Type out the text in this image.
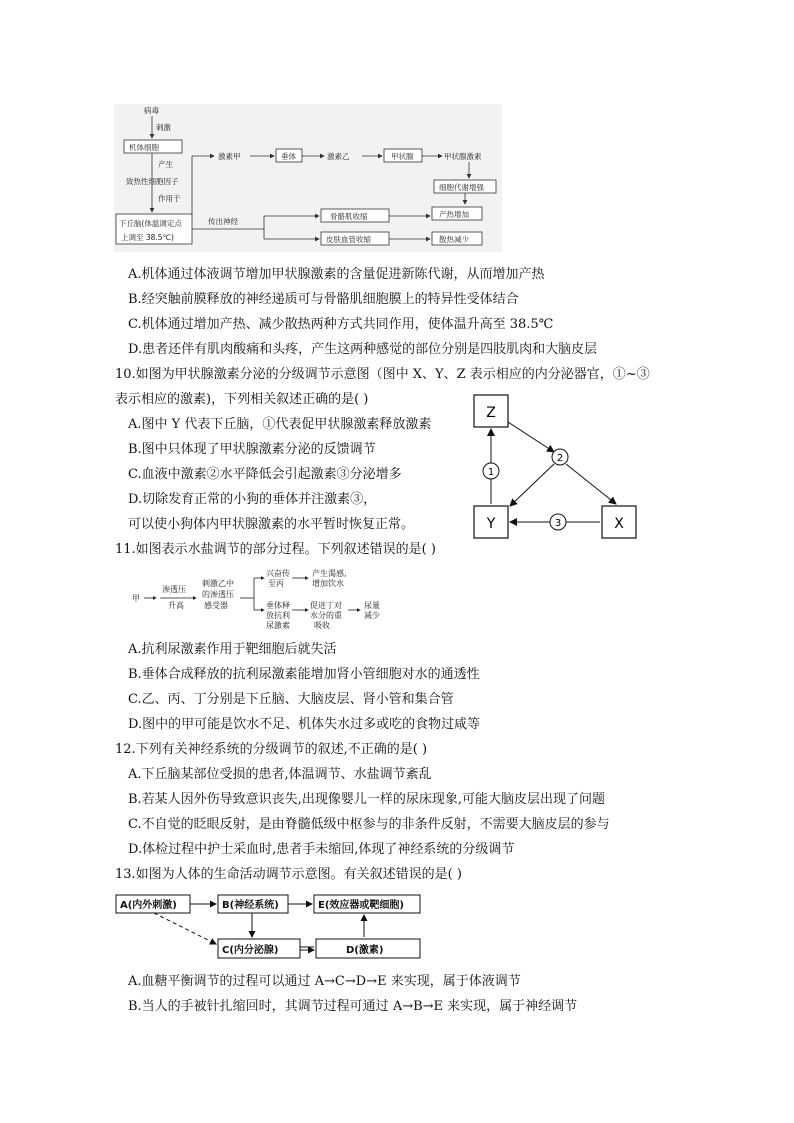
病毒
刺激
机体细胞
产生
致热性细胞因子
作用于
下丘脑(体温调定点
上调至 38.5℃)
激素甲	垂体	激素乙	甲状腺	甲状腺激素
细胞代谢增强
传出神经
骨骼肌收缩
皮肤血管收缩
产热增加
散热减少
A.机体通过体液调节增加甲状腺激素的含量促进新陈代谢，从而增加产热
B.经突触前膜释放的神经递质可与骨骼肌细胞膜上的特异性受体结合
C.机体通过增加产热、减少散热两种方式共同作用，使体温升高至 38.5℃
D.患者还伴有肌肉酸痛和头疼，产生这两种感觉的部位分别是四肢肌肉和大脑皮层
10.如图为甲状腺激素分泌的分级调节示意图（图中 X、Y、Z 表示相应的内分泌器官，①~③
表示相应的激素)，下列相关叙述正确的是( )
A.图中 Y 代表下丘脑，①代表促甲状腺激素释放激素
B.图中只体现了甲状腺激素分泌的反馈调节
C.血液中激素②水平降低会引起激素③分泌增多
D.切除发育正常的小狗的垂体并注激素③，
可以使小狗体内甲状腺激素的水平暂时恢复正常。
Z
Y	X
1
2
3
11.如图表示水盐调节的部分过程。下列叙述错误的是( )
甲
渗透压
升高
刺激乙中
的渗透压
感受器
兴奋传
至丙
产生渴感,
增加饮水
垂体释
放抗利
尿激素
促进丁对
水分的重
吸收
尿量
减少
A.抗利尿激素作用于靶细胞后就失活
B.垂体合成释放的抗利尿激素能增加肾小管细胞对水的通透性
C.乙、丙、丁分别是下丘脑、大脑皮层、肾小管和集合管
D.图中的甲可能是饮水不足、机体失水过多或吃的食物过咸等
12.下列有关神经系统的分级调节的叙述,不正确的是( )
A.下丘脑某部位受损的患者,体温调节、水盐调节紊乱
B.若某人因外伤导致意识丧失,出现像婴儿一样的尿床现象,可能大脑皮层出现了问题
C.不自觉的眨眼反射，是由脊髓低级中枢参与的非条件反射，不需要大脑皮层的参与
D.体检过程中护士采血时,患者手未缩回,体现了神经系统的分级调节
13.如图为人体的生命活动调节示意图。有关叙述错误的是( )
A(内外刺激)	B(神经系统)	E(效应器或靶细胞)
C(内分泌腺)	D(激素)
A.血糖平衡调节的过程可以通过 A→C→D→E 来实现，属于体液调节
B.当人的手被针扎缩回时，其调节过程可通过 A→B→E 来实现，属于神经调节
